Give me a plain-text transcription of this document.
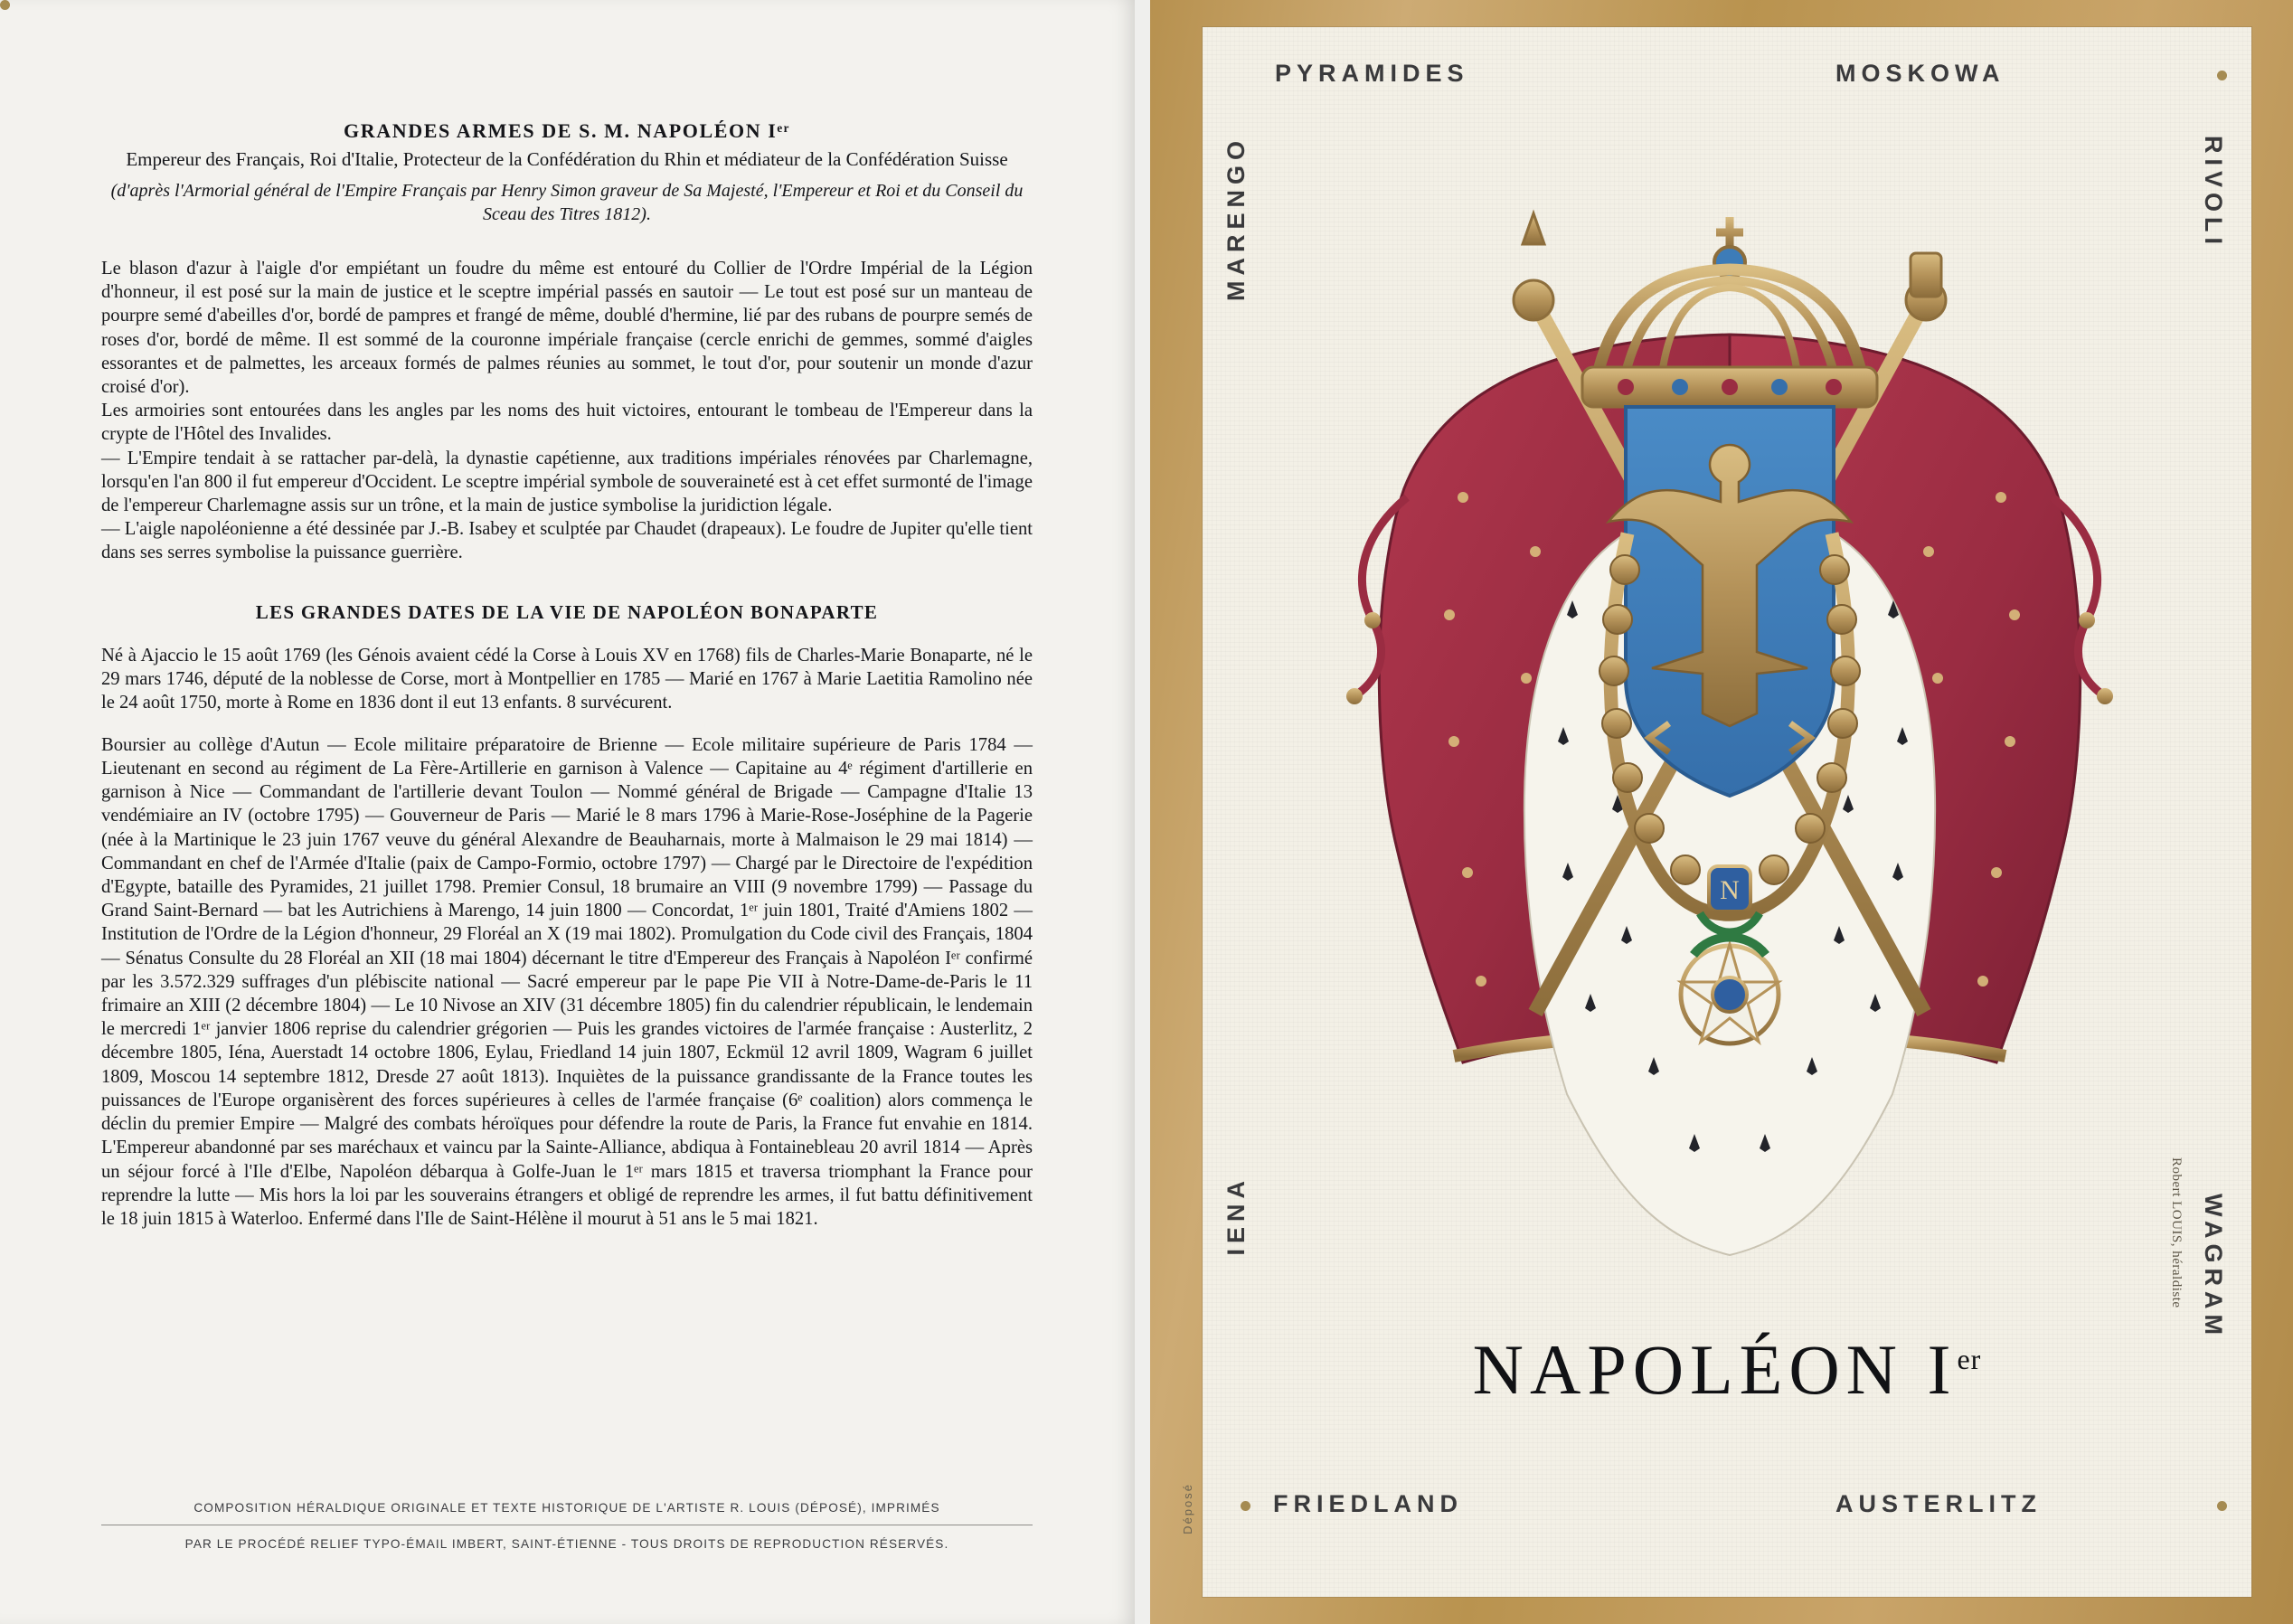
GRANDES ARMES DE S. M. NAPOLÉON Iᵉʳ
Empereur des Français, Roi d'Italie, Protecteur de la Confédération du Rhin et médiateur de la Confédération Suisse
(d'après l'Armorial général de l'Empire Français par Henry Simon graveur de Sa Majesté, l'Empereur et Roi et du Conseil du Sceau des Titres 1812).

Le blason d'azur à l'aigle d'or empiétant un foudre du même est entouré du Collier de l'Ordre Impérial de la Légion d'honneur, il est posé sur la main de justice et le sceptre impérial passés en sautoir — Le tout est posé sur un manteau de pourpre semé d'abeilles d'or, bordé de pampres et frangé de même, doublé d'hermine, lié par des rubans de pourpre semés de roses d'or, bordé de même. Il est sommé de la couronne impériale française (cercle enrichi de gemmes, sommé d'aigles essorantes et de palmettes, les arceaux formés de palmes réunies au sommet, le tout d'or, pour soutenir un monde d'azur croisé d'or).

Les armoiries sont entourées dans les angles par les noms des huit victoires, entourant le tombeau de l'Empereur dans la crypte de l'Hôtel des Invalides.

— L'Empire tendait à se rattacher par-delà, la dynastie capétienne, aux traditions impériales rénovées par Charlemagne, lorsqu'en l'an 800 il fut empereur d'Occident. Le sceptre impérial symbole de souveraineté est à cet effet surmonté de l'image de l'empereur Charlemagne assis sur un trône, et la main de justice symbolise la juridiction légale.

— L'aigle napoléonienne a été dessinée par J.-B. Isabey et sculptée par Chaudet (drapeaux). Le foudre de Jupiter qu'elle tient dans ses serres symbolise la puissance guerrière.

LES GRANDES DATES DE LA VIE DE NAPOLÉON BONAPARTE

Né à Ajaccio le 15 août 1769 (les Génois avaient cédé la Corse à Louis XV en 1768) fils de Charles-Marie Bonaparte, né le 29 mars 1746, député de la noblesse de Corse, mort à Montpellier en 1785 — Marié en 1767 à Marie Laetitia Ramolino née le 24 août 1750, morte à Rome en 1836 dont il eut 13 enfants. 8 survécurent.

Boursier au collège d'Autun — Ecole militaire préparatoire de Brienne — Ecole militaire supérieure de Paris 1784 — Lieutenant en second au régiment de La Fère-Artillerie en garnison à Valence — Capitaine au 4ᵉ régiment d'artillerie en garnison à Nice — Commandant de l'artillerie devant Toulon — Nommé général de Brigade — Campagne d'Italie 13 vendémiaire an IV (octobre 1795) — Gouverneur de Paris — Marié le 8 mars 1796 à Marie-Rose-Joséphine de la Pagerie (née à la Martinique le 23 juin 1767 veuve du général Alexandre de Beauharnais, morte à Malmaison le 29 mai 1814) — Commandant en chef de l'Armée d'Italie (paix de Campo-Formio, octobre 1797) — Chargé par le Directoire de l'expédition d'Egypte, bataille des Pyramides, 21 juillet 1798. Premier Consul, 18 brumaire an VIII (9 novembre 1799) — Passage du Grand Saint-Bernard — bat les Autrichiens à Marengo, 14 juin 1800 — Concordat, 1ᵉʳ juin 1801, Traité d'Amiens 1802 — Institution de l'Ordre de la Légion d'honneur, 29 Floréal an X (19 mai 1802). Promulgation du Code civil des Français, 1804 — Sénatus Consulte du 28 Floréal an XII (18 mai 1804) décernant le titre d'Empereur des Français à Napoléon Iᵉʳ confirmé par les 3.572.329 suffrages d'un plébiscite national — Sacré empereur par le pape Pie VII à Notre-Dame-de-Paris le 11 frimaire an XIII (2 décembre 1804) — Le 10 Nivose an XIV (31 décembre 1805) fin du calendrier républicain, le lendemain le mercredi 1ᵉʳ janvier 1806 reprise du calendrier grégorien — Puis les grandes victoires de l'armée française : Austerlitz, 2 décembre 1805, Iéna, Auerstadt 14 octobre 1806, Eylau, Friedland 14 juin 1807, Eckmül 12 avril 1809, Wagram 6 juillet 1809, Moscou 14 septembre 1812, Dresde 27 août 1813). Inquiètes de la puissance grandissante de la France toutes les puissances de l'Europe organisèrent des forces supérieures à celles de l'armée française (6ᵉ coalition) alors commença le déclin du premier Empire — Malgré des combats héroïques pour défendre la route de Paris, la France fut envahie en 1814. L'Empereur abandonné par ses maréchaux et vaincu par la Sainte-Alliance, abdiqua à Fontainebleau 20 avril 1814 — Après un séjour forcé à l'Ile d'Elbe, Napoléon débarqua à Golfe-Juan le 1ᵉʳ mars 1815 et traversa triomphant la France pour reprendre la lutte — Mis hors la loi par les souverains étrangers et obligé de reprendre les armes, il fut battu définitivement le 18 juin 1815 à Waterloo. Enfermé dans l'Ile de Saint-Hélène il mourut à 51 ans le 5 mai 1821.

COMPOSITION HÉRALDIQUE ORIGINALE ET TEXTE HISTORIQUE DE L'ARTISTE R. LOUIS (DÉPOSÉ), IMPRIMÉS
PAR LE PROCÉDÉ RELIEF TYPO-ÉMAIL IMBERT, SAINT-ÉTIENNE - TOUS DROITS DE REPRODUCTION RÉSERVÉS.
PYRAMIDES	MOSKOWA
FRIEDLAND	AUSTERLITZ
MARENGO	RIVOLI
IENA	WAGRAM
N
NAPOLÉON Ier
Robert LOUIS, héraldiste
Déposé
